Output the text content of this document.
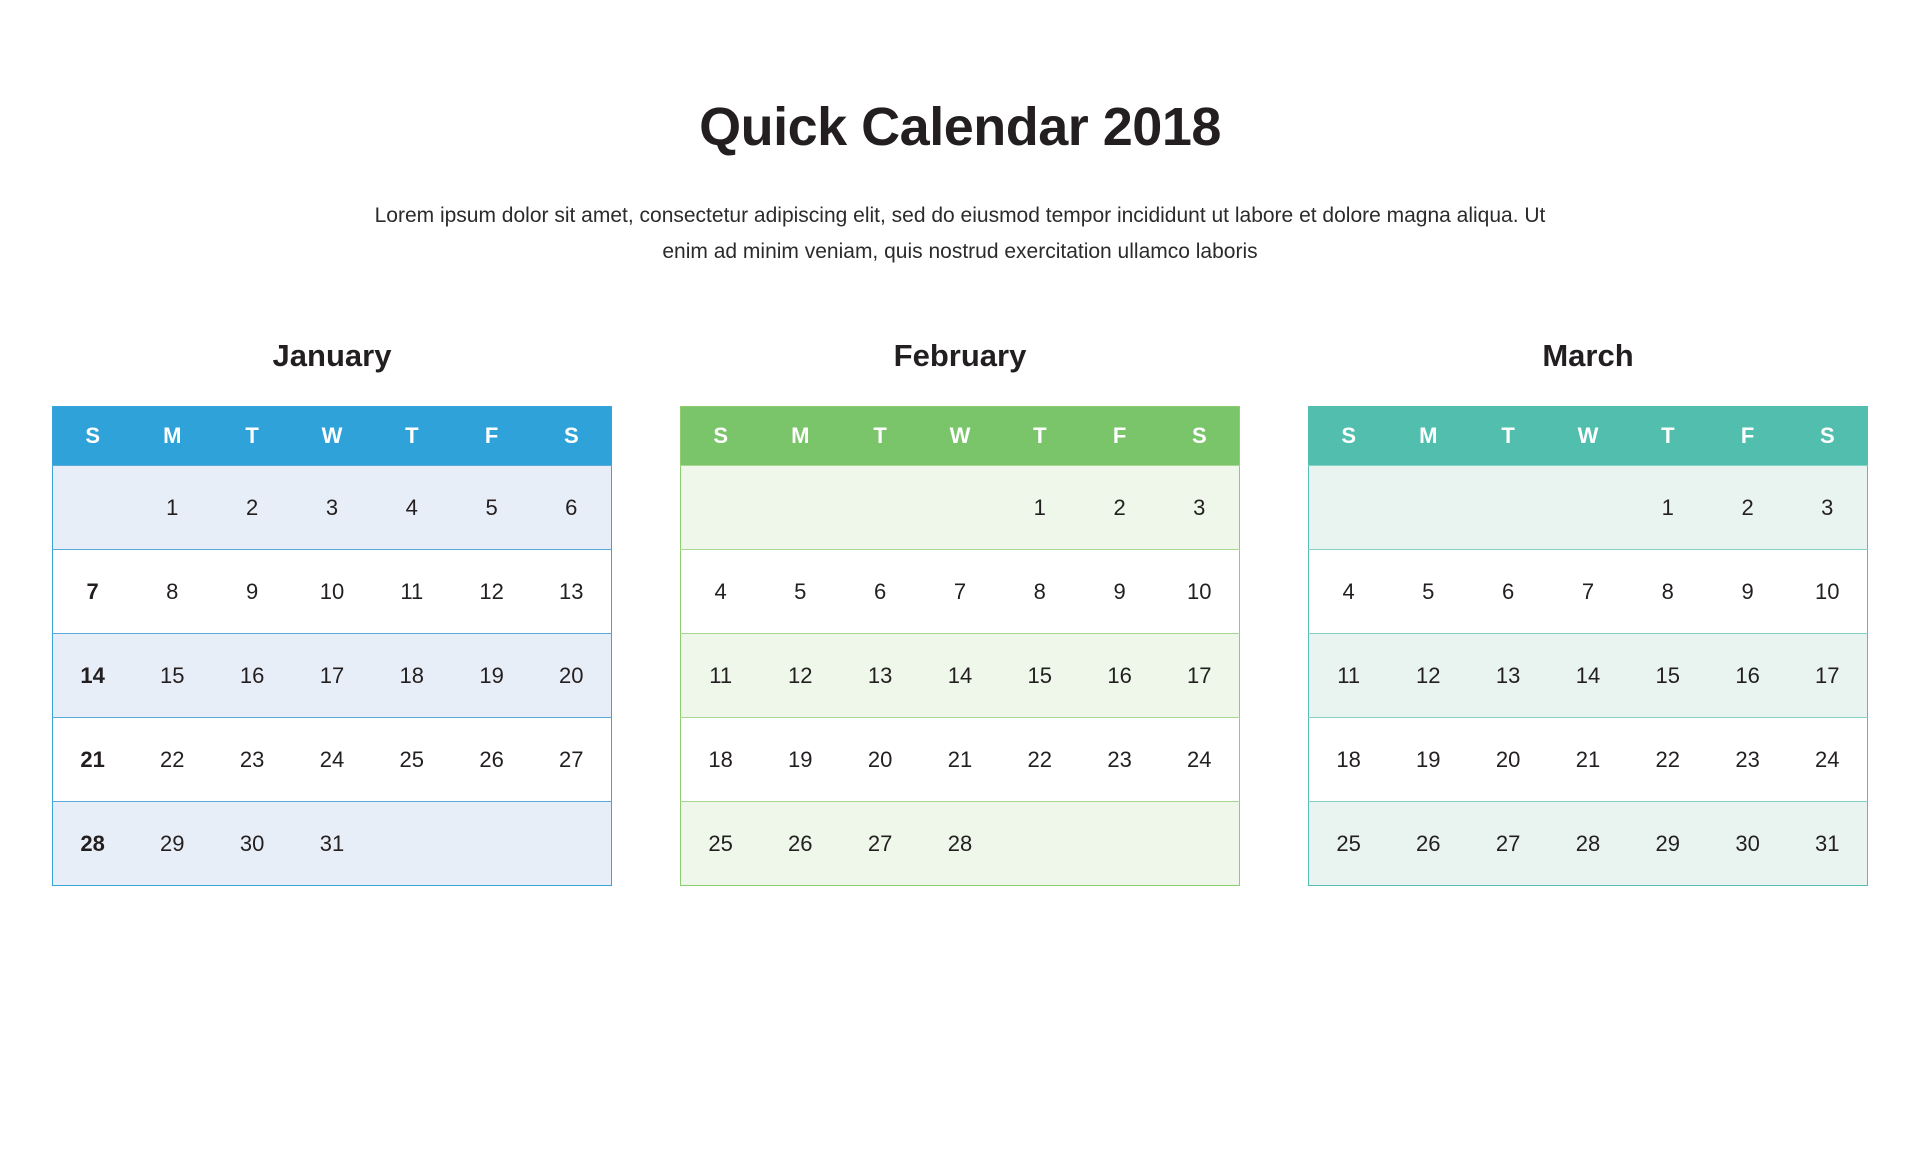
Quick Calendar 2018
Lorem ipsum dolor sit amet, consectetur adipiscing elit, sed do eiusmod tempor incididunt ut labore et dolore magna aliqua. Ut enim ad minim veniam, quis nostrud exercitation ullamco laboris
January
S	M	T	W	T	F	S
	1	2	3	4	5	6
7	8	9	10	11	12	13
14	15	16	17	18	19	20
21	22	23	24	25	26	27
28	29	30	31			
February
S	M	T	W	T	F	S
				1	2	3
4	5	6	7	8	9	10
11	12	13	14	15	16	17
18	19	20	21	22	23	24
25	26	27	28			
March
S	M	T	W	T	F	S
				1	2	3
4	5	6	7	8	9	10
11	12	13	14	15	16	17
18	19	20	21	22	23	24
25	26	27	28	29	30	31
